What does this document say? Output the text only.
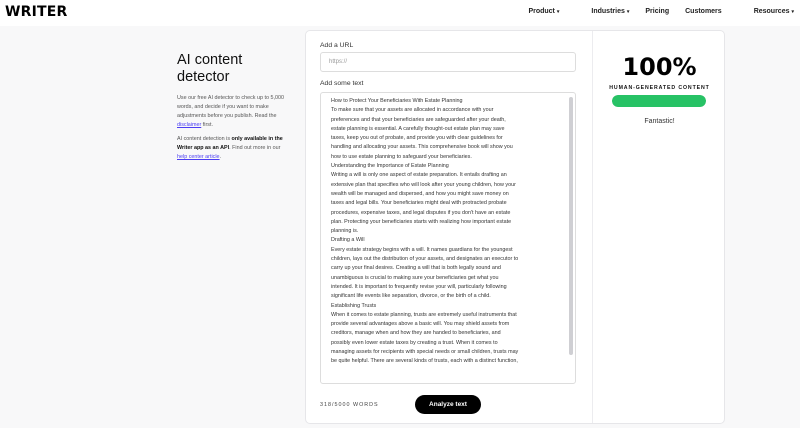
WRITER	Product ▾	Industries ▾ Pricing Customers	Resources ▾
AI content detector

Use our free AI detector to check up to 5,000 words, and decide if you want to make adjustments before you publish. Read the disclaimer first.

AI content detection is only available in the Writer app as an API. Find out more in our help center article.

Add a URL
https://
Add some text
How to Protect Your Beneficiaries With Estate Planning
To make sure that your assets are allocated in accordance with your
preferences and that your beneficiaries are safeguarded after your death,
estate planning is essential. A carefully thought-out estate plan may save
taxes, keep you out of probate, and provide you with clear guidelines for
handling and allocating your assets. This comprehensive book will show you
how to use estate planning to safeguard your beneficiaries.
Understanding the Importance of Estate Planning
Writing a will is only one aspect of estate preparation. It entails drafting an
extensive plan that specifies who will look after your young children, how your
wealth will be managed and dispersed, and how you might save money on
taxes and legal bills. Your beneficiaries might deal with protracted probate
procedures, expensive taxes, and legal disputes if you don't have an estate
plan. Protecting your beneficiaries starts with realizing how important estate
planning is.
Drafting a Will
Every estate strategy begins with a will. It names guardians for the youngest
children, lays out the distribution of your assets, and designates an executor to
carry up your final desires. Creating a will that is both legally sound and
unambiguous is crucial to making sure your beneficiaries get what you
intended. It is important to frequently revise your will, particularly following
significant life events like separation, divorce, or the birth of a child.
Establishing Trusts
When it comes to estate planning, trusts are extremely useful instruments that
provide several advantages above a basic will. You may shield assets from
creditors, manage when and how they are handed to beneficiaries, and
possibly even lower estate taxes by creating a trust. When it comes to
managing assets for recipients with special needs or small children, trusts may
be quite helpful. There are several kinds of trusts, each with a distinct function,
318/5000 WORDS	Analyze text
100%
HUMAN-GENERATED CONTENT
Fantastic!
